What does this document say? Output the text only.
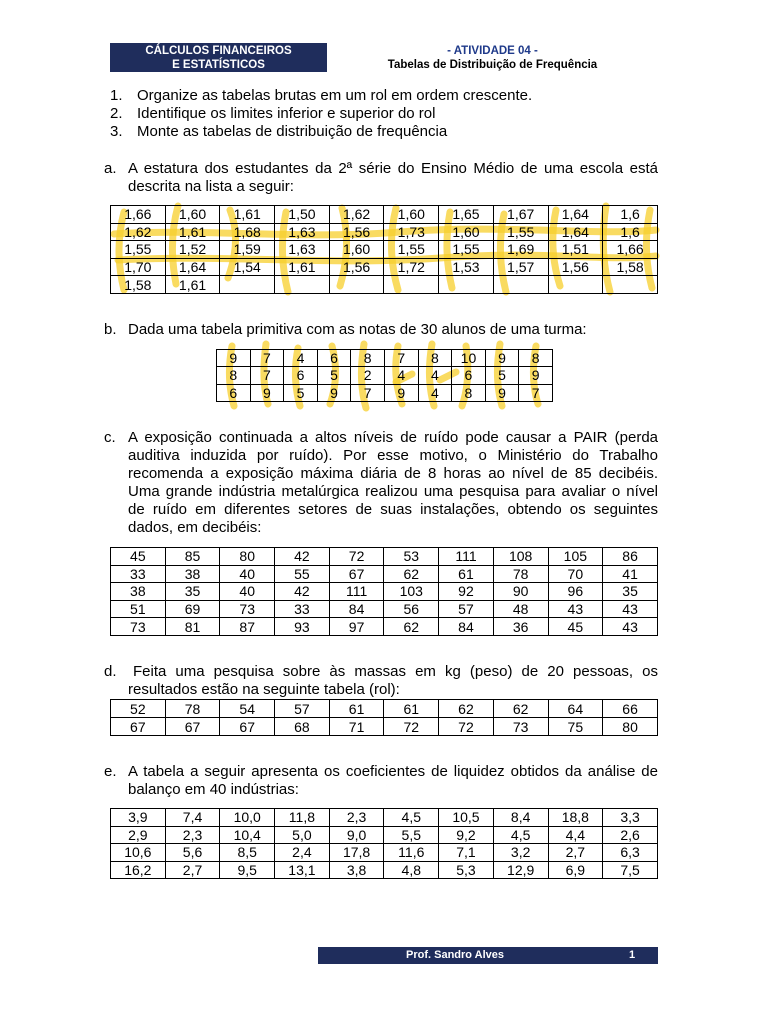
CÁLCULOS FINANCEIROS
E ESTATÍSTICOS
- ATIVIDADE 04 -
Tabelas de Distribuição de Frequência
1. Organize as tabelas brutas em um rol em ordem crescente.
2. Identifique os limites inferior e superior do rol
3. Monte as tabelas de distribuição de frequência
a. A estatura dos estudantes da 2ª série do Ensino Médio de uma escola está
descrita na lista a seguir:
1,66	1,60	1,61	1,50	1,62	1,60	1,65	1,67	1,64	1,6
1,62	1,61	1,68	1,63	1,56	1,73	1,60	1,55	1,64	1,6
1,55	1,52	1,59	1,63	1,60	1,55	1,55	1,69	1,51	1,66
1,70	1,64	1,54	1,61	1,56	1,72	1,53	1,57	1,56	1,58
1,58	1,61								
b. Dada uma tabela primitiva com as notas de 30 alunos de uma turma:
9	7	4	6	8	7	8	10	9	8
8	7	6	5	2	4	4	6	5	9
6	9	5	9	7	9	4	8	9	7
c. A exposição continuada a altos níveis de ruído pode causar a PAIR (perda
auditiva induzida por ruído). Por esse motivo, o Ministério do Trabalho
recomenda a exposição máxima diária de 8 horas ao nível de 85 decibéis.
Uma grande indústria metalúrgica realizou uma pesquisa para avaliar o nível
de ruído em diferentes setores de suas instalações, obtendo os seguintes
dados, em decibéis:
45	85	80	42	72	53	111	108	105	86
33	38	40	55	67	62	61	78	70	41
38	35	40	42	111	103	92	90	96	35
51	69	73	33	84	56	57	48	43	43
73	81	87	93	97	62	84	36	45	43
d.	Feita uma pesquisa sobre às massas em kg (peso) de 20 pessoas, os
resultados estão na seguinte tabela (rol):
52	78	54	57	61	61	62	62	64	66
67	67	67	68	71	72	72	73	75	80
e. A tabela a seguir apresenta os coeficientes de liquidez obtidos da análise de
balanço em 40 indústrias:
3,9	7,4	10,0	11,8	2,3	4,5	10,5	8,4	18,8	3,3
2,9	2,3	10,4	5,0	9,0	5,5	9,2	4,5	4,4	2,6
10,6	5,6	8,5	2,4	17,8	11,6	7,1	3,2	2,7	6,3
16,2	2,7	9,5	13,1	3,8	4,8	5,3	12,9	6,9	7,5
Prof. Sandro Alves	1
